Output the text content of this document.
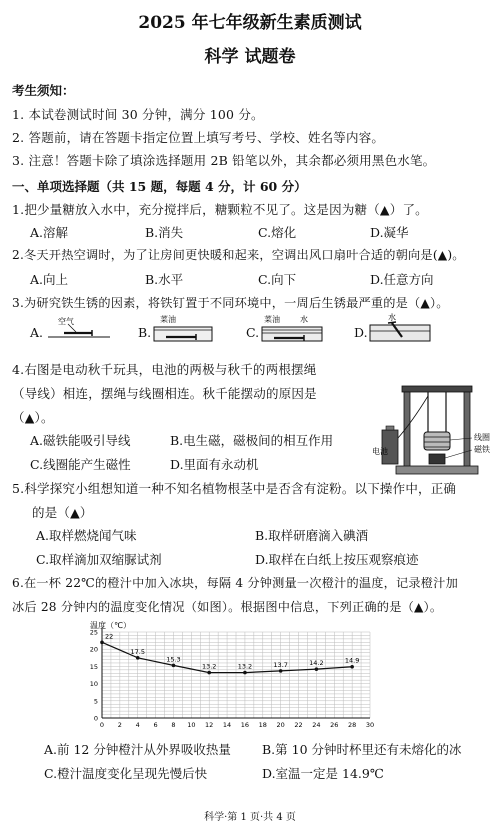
2025 年七年级新生素质测试
科学 试题卷
考生须知：
1. 本试卷测试时间 30 分钟，满分 100 分。
2. 答题前，请在答题卡指定位置上填写考号、学校、姓名等内容。
3. 注意！答题卡除了填涂选择题用 2B 铅笔以外，其余都必须用黑色水笔。
一、单项选择题（共 15 题，每题 4 分，计 60 分）
1.把少量糖放入水中，充分搅拌后，糖颗粒不见了。这是因为糖（▲）了。
A.溶解	B.消失	C.熔化	D.凝华
2.冬天开热空调时，为了让房间更快暖和起来，空调出风口扇叶合适的朝向是(▲)。
A.向上	B.水平	C.向下	D.任意方向
3.为研究铁生锈的因素，将铁钉置于不同环境中，一周后生锈最严重的是（▲）。
A.
空气
B.
菜油
C.
菜油	水
D.
水
4.右图是电动秋千玩具，电池的两极与秋千的两根摆绳
（导线）相连，摆绳与线圈相连。秋千能摆动的原因是
（▲）。
A.磁铁能吸引导线	B.电生磁，磁极间的相互作用
C.线圈能产生磁性	D.里面有永动机
电池
线圈
磁铁
5.科学探究小组想知道一种不知名植物根茎中是否含有淀粉。以下操作中，正确
的是（▲）
A.取样燃烧闻气味	B.取样研磨滴入碘酒
C.取样滴加双缩脲试剂	D.取样在白纸上按压观察痕迹
6.在一杯 22℃的橙汁中加入冰块，每隔 4 分钟测量一次橙汁的温度，记录橙汁加
冰后 28 分钟内的温度变化情况（如图）。根据图中信息，下列正确的是（▲）。
温度（℃）
0 2 4 6 8 10 12 14 16 18 20 22 24 26 28 30
0
5
10
15
20
25 22
17.5
15.3
13.2	13.2	13.7	14.2	14.9
A.前 12 分钟橙汁从外界吸收热量 B.第 10 分钟时杯里还有未熔化的冰
C.橙汁温度变化呈现先慢后快	D.室温一定是 14.9℃
科学·第 1 页·共 4 页
